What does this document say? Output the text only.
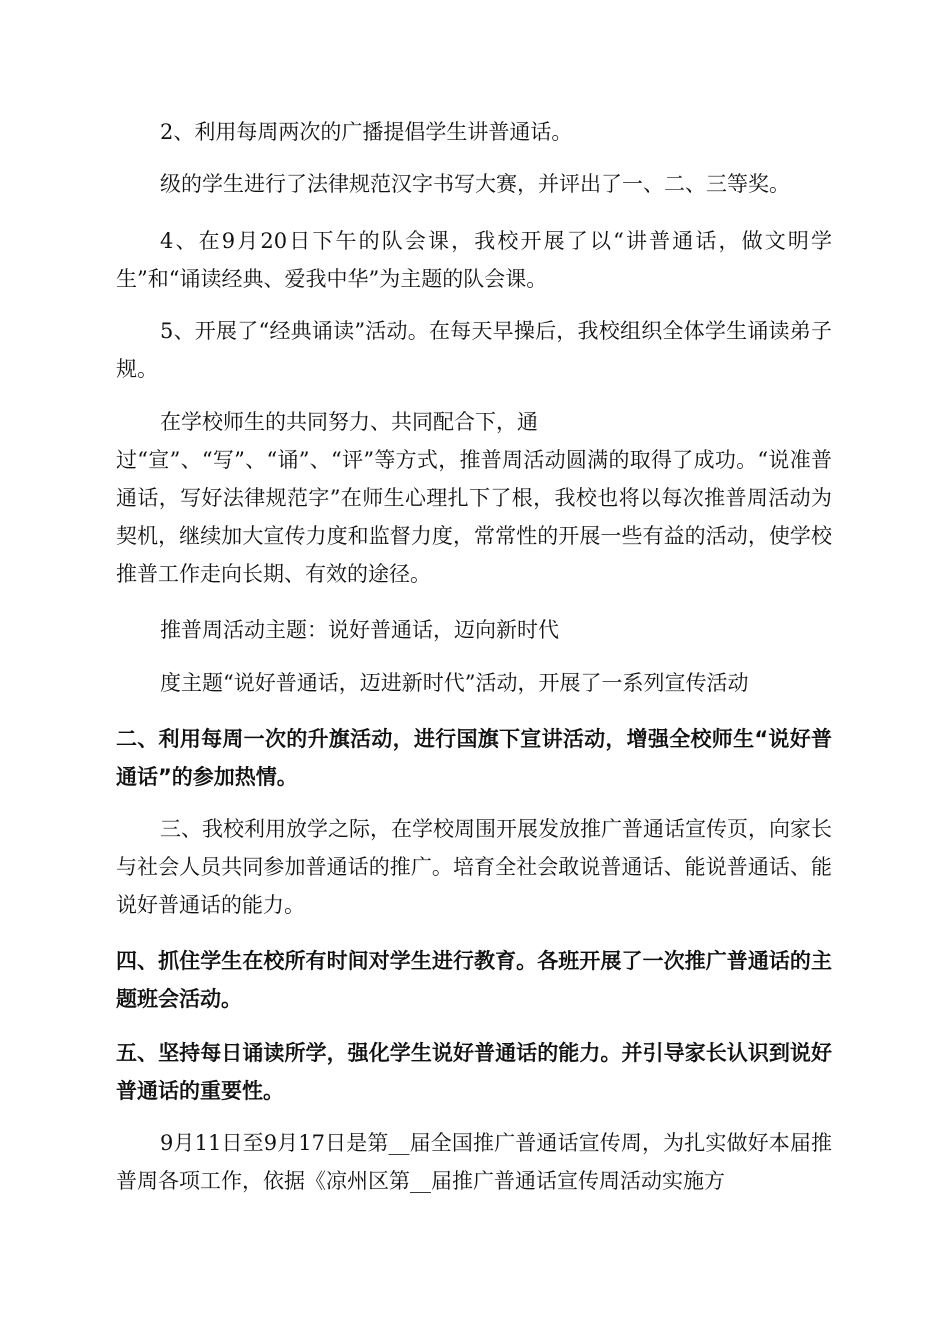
2、利用每周两次的广播提倡学生讲普通话。

级的学生进行了法律规范汉字书写大赛，并评出了一、二、三等奖。

4、在9月20日下午的队会课，我校开展了以“讲普通话，做文明学生”和“诵读经典、爱我中华”为主题的队会课。

5、开展了“经典诵读”活动。在每天早操后，我校组织全体学生诵读弟子规。

在学校师生的共同努力、共同配合下，通
过“宣”、“写”、“诵”、“评”等方式，推普周活动圆满的取得了成功。“说准普通话，写好法律规范字”在师生心理扎下了根，我校也将以每次推普周活动为契机，继续加大宣传力度和监督力度，常常性的开展一些有益的活动，使学校推普工作走向长期、有效的途径。

推普周活动主题：说好普通话，迈向新时代

度主题“说好普通话，迈进新时代”活动，开展了一系列宣传活动

二、利用每周一次的升旗活动，进行国旗下宣讲活动，增强全校师生“说好普通话”的参加热情。

三、我校利用放学之际，在学校周围开展发放推广普通话宣传页，向家长与社会人员共同参加普通话的推广。培育全社会敢说普通话、能说普通话、能说好普通话的能力。

四、抓住学生在校所有时间对学生进行教育。各班开展了一次推广普通话的主题班会活动。

五、坚持每日诵读所学，强化学生说好普通话的能力。并引导家长认识到说好普通话的重要性。

9月11日至9月17日是第__届全国推广普通话宣传周，为扎实做好本届推普周各项工作，依据《凉州区第__届推广普通话宣传周活动实施方
